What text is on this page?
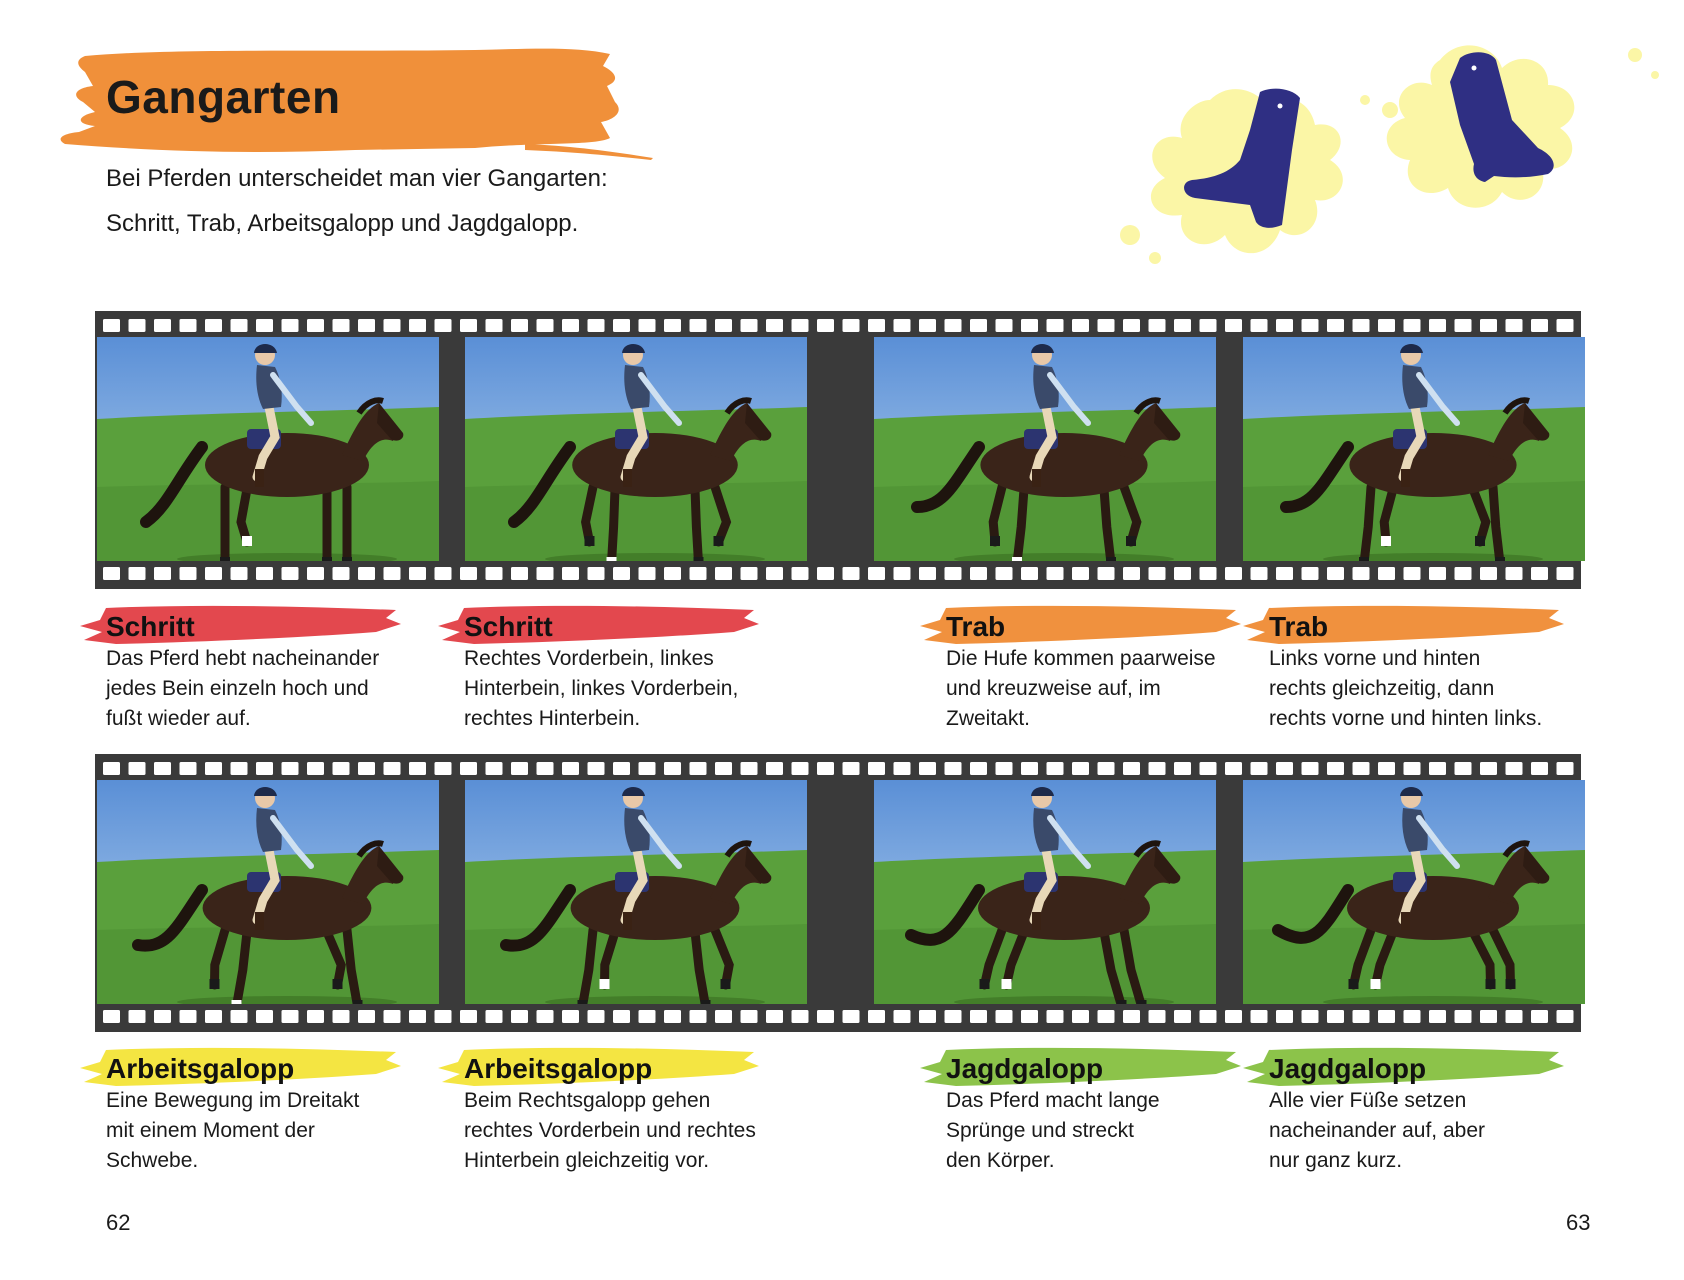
Gangarten
Bei Pferden unterscheidet man vier Gangarten:
Schritt, Trab, Arbeitsgalopp und Jagdgalopp.
Schritt
Das Pferd hebt nacheinander
jedes Bein einzeln hoch und
fußt wieder auf.
Schritt
Rechtes Vorderbein, linkes
Hinterbein, linkes Vorderbein,
rechtes Hinterbein.
Trab
Die Hufe kommen paarweise
und kreuzweise auf, im
Zweitakt.
Trab
Links vorne und hinten
rechts gleichzeitig, dann
rechts vorne und hinten links.
Arbeitsgalopp
Eine Bewegung im Dreitakt
mit einem Moment der
Schwebe.
Arbeitsgalopp
Beim Rechtsgalopp gehen
rechtes Vorderbein und rechtes
Hinterbein gleichzeitig vor.
Jagdgalopp
Das Pferd macht lange
Sprünge und streckt
den Körper.
Jagdgalopp
Alle vier Füße setzen
nacheinander auf, aber
nur ganz kurz.
62	63
